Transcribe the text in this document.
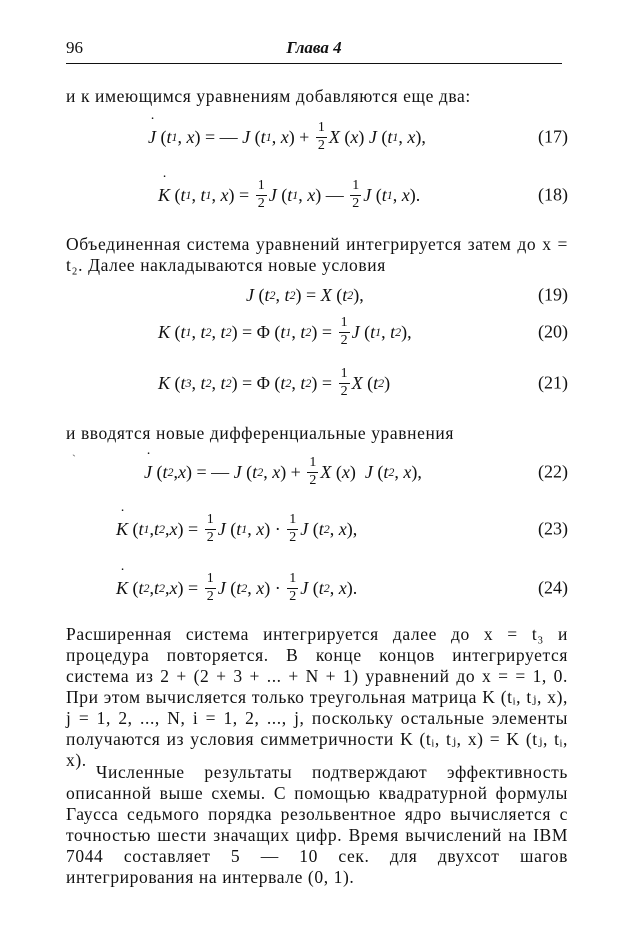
96	Глава 4
и к имеющимся уравнениям добавляются еще два:
˙ J ( t 1 , x ) = — J ( t 1 , x ) + $\frac{1}{2}$ X ( x ) J ( t 1 , x ),	(17)
˙ K ( t 1 , t 1 , x ) = $\frac{1}{2}$ J ( t 1 , x ) — $\frac{1}{2}$ J ( t 1 , x ).	(18)
Объединенная система уравнений интегрируется затем до x = t₂. Далее накладываются новые условия
J ( t 2 , t 2 ) = X ( t 2 ),	(19)
K ( t 1 , t 2 , t 2 ) = Φ ( t 1 , t 2 ) = $\frac{1}{2}$ J ( t 1 , t 2 ),	(20)
K ( t 3 , t 2 , t 2 ) = Φ ( t 2 , t 2 ) = $\frac{1}{2}$ X ( t 2 )	(21)
и вводятся новые дифференциальные уравнения
`
˙ J ( t 2 , x ) = — J ( t 2 , x ) + $\frac{1}{2}$ X ( x ) J ( t 2 , x ),	(22)
˙ K ( t 1 , t 2 , x ) = $\frac{1}{2}$ J ( t 1 , x ) · $\frac{1}{2}$ J ( t 2 , x ),	(23)
˙ K ( t 2 , t 2 , x ) = $\frac{1}{2}$ J ( t 2 , x ) · $\frac{1}{2}$ J ( t 2 , x ).	(24)
Расширенная система интегрируется далее до x = t₃ и процедура повторяется. В конце концов интегрируется система из 2 + (2 + 3 + ... + N + 1) уравнений до x = = 1, 0. При этом вычисляется только треугольная матрица K (tᵢ, tⱼ, x), j = 1, 2, ..., N, i = 1, 2, ..., j, поскольку остальные элементы получаются из условия симметричности K (tᵢ, tⱼ, x) = K (tⱼ, tᵢ, x).
Численные результаты подтверждают эффективность описанной выше схемы. С помощью квадратурной формулы Гаусса седьмого порядка резольвентное ядро вычисляется с точностью шести значащих цифр. Время вычислений на IBM 7044 составляет 5 — 10 сек. для двухсот шагов интегрирования на интервале (0, 1).
